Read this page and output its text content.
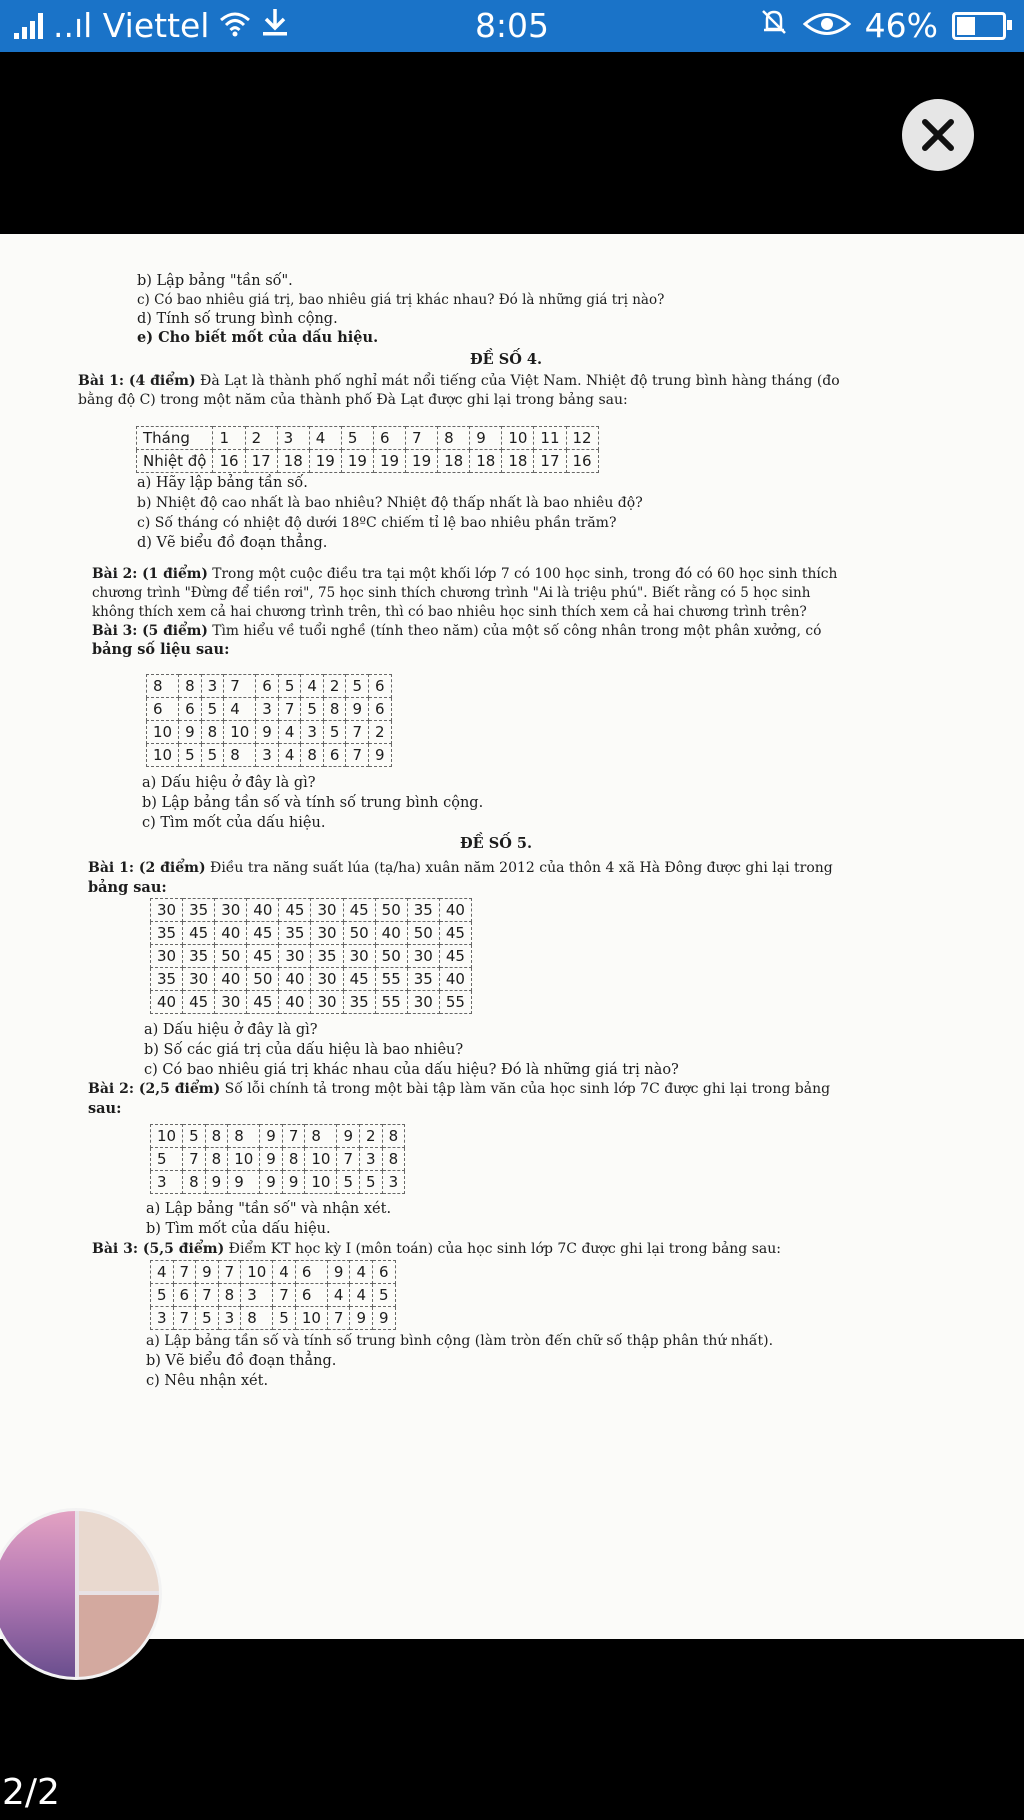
..ıl Viettel	8:05	46%
b) Lập bảng "tần số".
c) Có bao nhiêu giá trị, bao nhiêu giá trị khác nhau? Đó là những giá trị nào?
d) Tính số trung bình cộng.
e) Cho biết mốt của dấu hiệu.
ĐỀ SỐ 4.
Bài 1: (4 điểm) Đà Lạt là thành phố nghỉ mát nổi tiếng của Việt Nam. Nhiệt độ trung bình hàng tháng (đo
bằng độ C) trong một năm của thành phố Đà Lạt được ghi lại trong bảng sau:
Tháng	1	2	3	4	5	6	7	8	9	10	11	12
Nhiệt độ	16	17	18	19	19	19	19	18	18	18	17	16
a) Hãy lập bảng tần số.
b) Nhiệt độ cao nhất là bao nhiêu? Nhiệt độ thấp nhất là bao nhiêu độ?
c) Số tháng có nhiệt độ dưới 18ºC chiếm tỉ lệ bao nhiêu phần trăm?
d) Vẽ biểu đồ đoạn thẳng.
Bài 2: (1 điểm) Trong một cuộc điều tra tại một khối lớp 7 có 100 học sinh, trong đó có 60 học sinh thích
chương trình "Đừng để tiền rơi", 75 học sinh thích chương trình "Ai là triệu phú". Biết rằng có 5 học sinh
không thích xem cả hai chương trình trên, thì có bao nhiêu học sinh thích xem cả hai chương trình trên?
Bài 3: (5 điểm) Tìm hiểu về tuổi nghề (tính theo năm) của một số công nhân trong một phân xưởng, có
bảng số liệu sau:
8	8	3	7	6	5	4	2	5	6
6	6	5	4	3	7	5	8	9	6
10	9	8	10	9	4	3	5	7	2
10	5	5	8	3	4	8	6	7	9
a) Dấu hiệu ở đây là gì?
b) Lập bảng tần số và tính số trung bình cộng.
c) Tìm mốt của dấu hiệu.
ĐỀ SỐ 5.
Bài 1: (2 điểm) Điều tra năng suất lúa (tạ/ha) xuân năm 2012 của thôn 4 xã Hà Đông được ghi lại trong
bảng sau:
30	35	30	40	45	30	45	50	35	40
35	45	40	45	35	30	50	40	50	45
30	35	50	45	30	35	30	50	30	45
35	30	40	50	40	30	45	55	35	40
40	45	30	45	40	30	35	55	30	55
a) Dấu hiệu ở đây là gì?
b) Số các giá trị của dấu hiệu là bao nhiêu?
c) Có bao nhiêu giá trị khác nhau của dấu hiệu? Đó là những giá trị nào?
Bài 2: (2,5 điểm) Số lỗi chính tả trong một bài tập làm văn của học sinh lớp 7C được ghi lại trong bảng
sau:
10	5	8	8	9	7	8	9	2	8
5	7	8	10	9	8	10	7	3	8
3	8	9	9	9	9	10	5	5	3
a) Lập bảng "tần số" và nhận xét.
b) Tìm mốt của dấu hiệu.
Bài 3: (5,5 điểm) Điểm KT học kỳ I (môn toán) của học sinh lớp 7C được ghi lại trong bảng sau:
4	7	9	7	10	4	6	9	4	6
5	6	7	8	3	7	6	4	4	5
3	7	5	3	8	5	10	7	9	9
a) Lập bảng tần số và tính số trung bình cộng (làm tròn đến chữ số thập phân thứ nhất).
b) Vẽ biểu đồ đoạn thẳng.
c) Nêu nhận xét.
2/2
